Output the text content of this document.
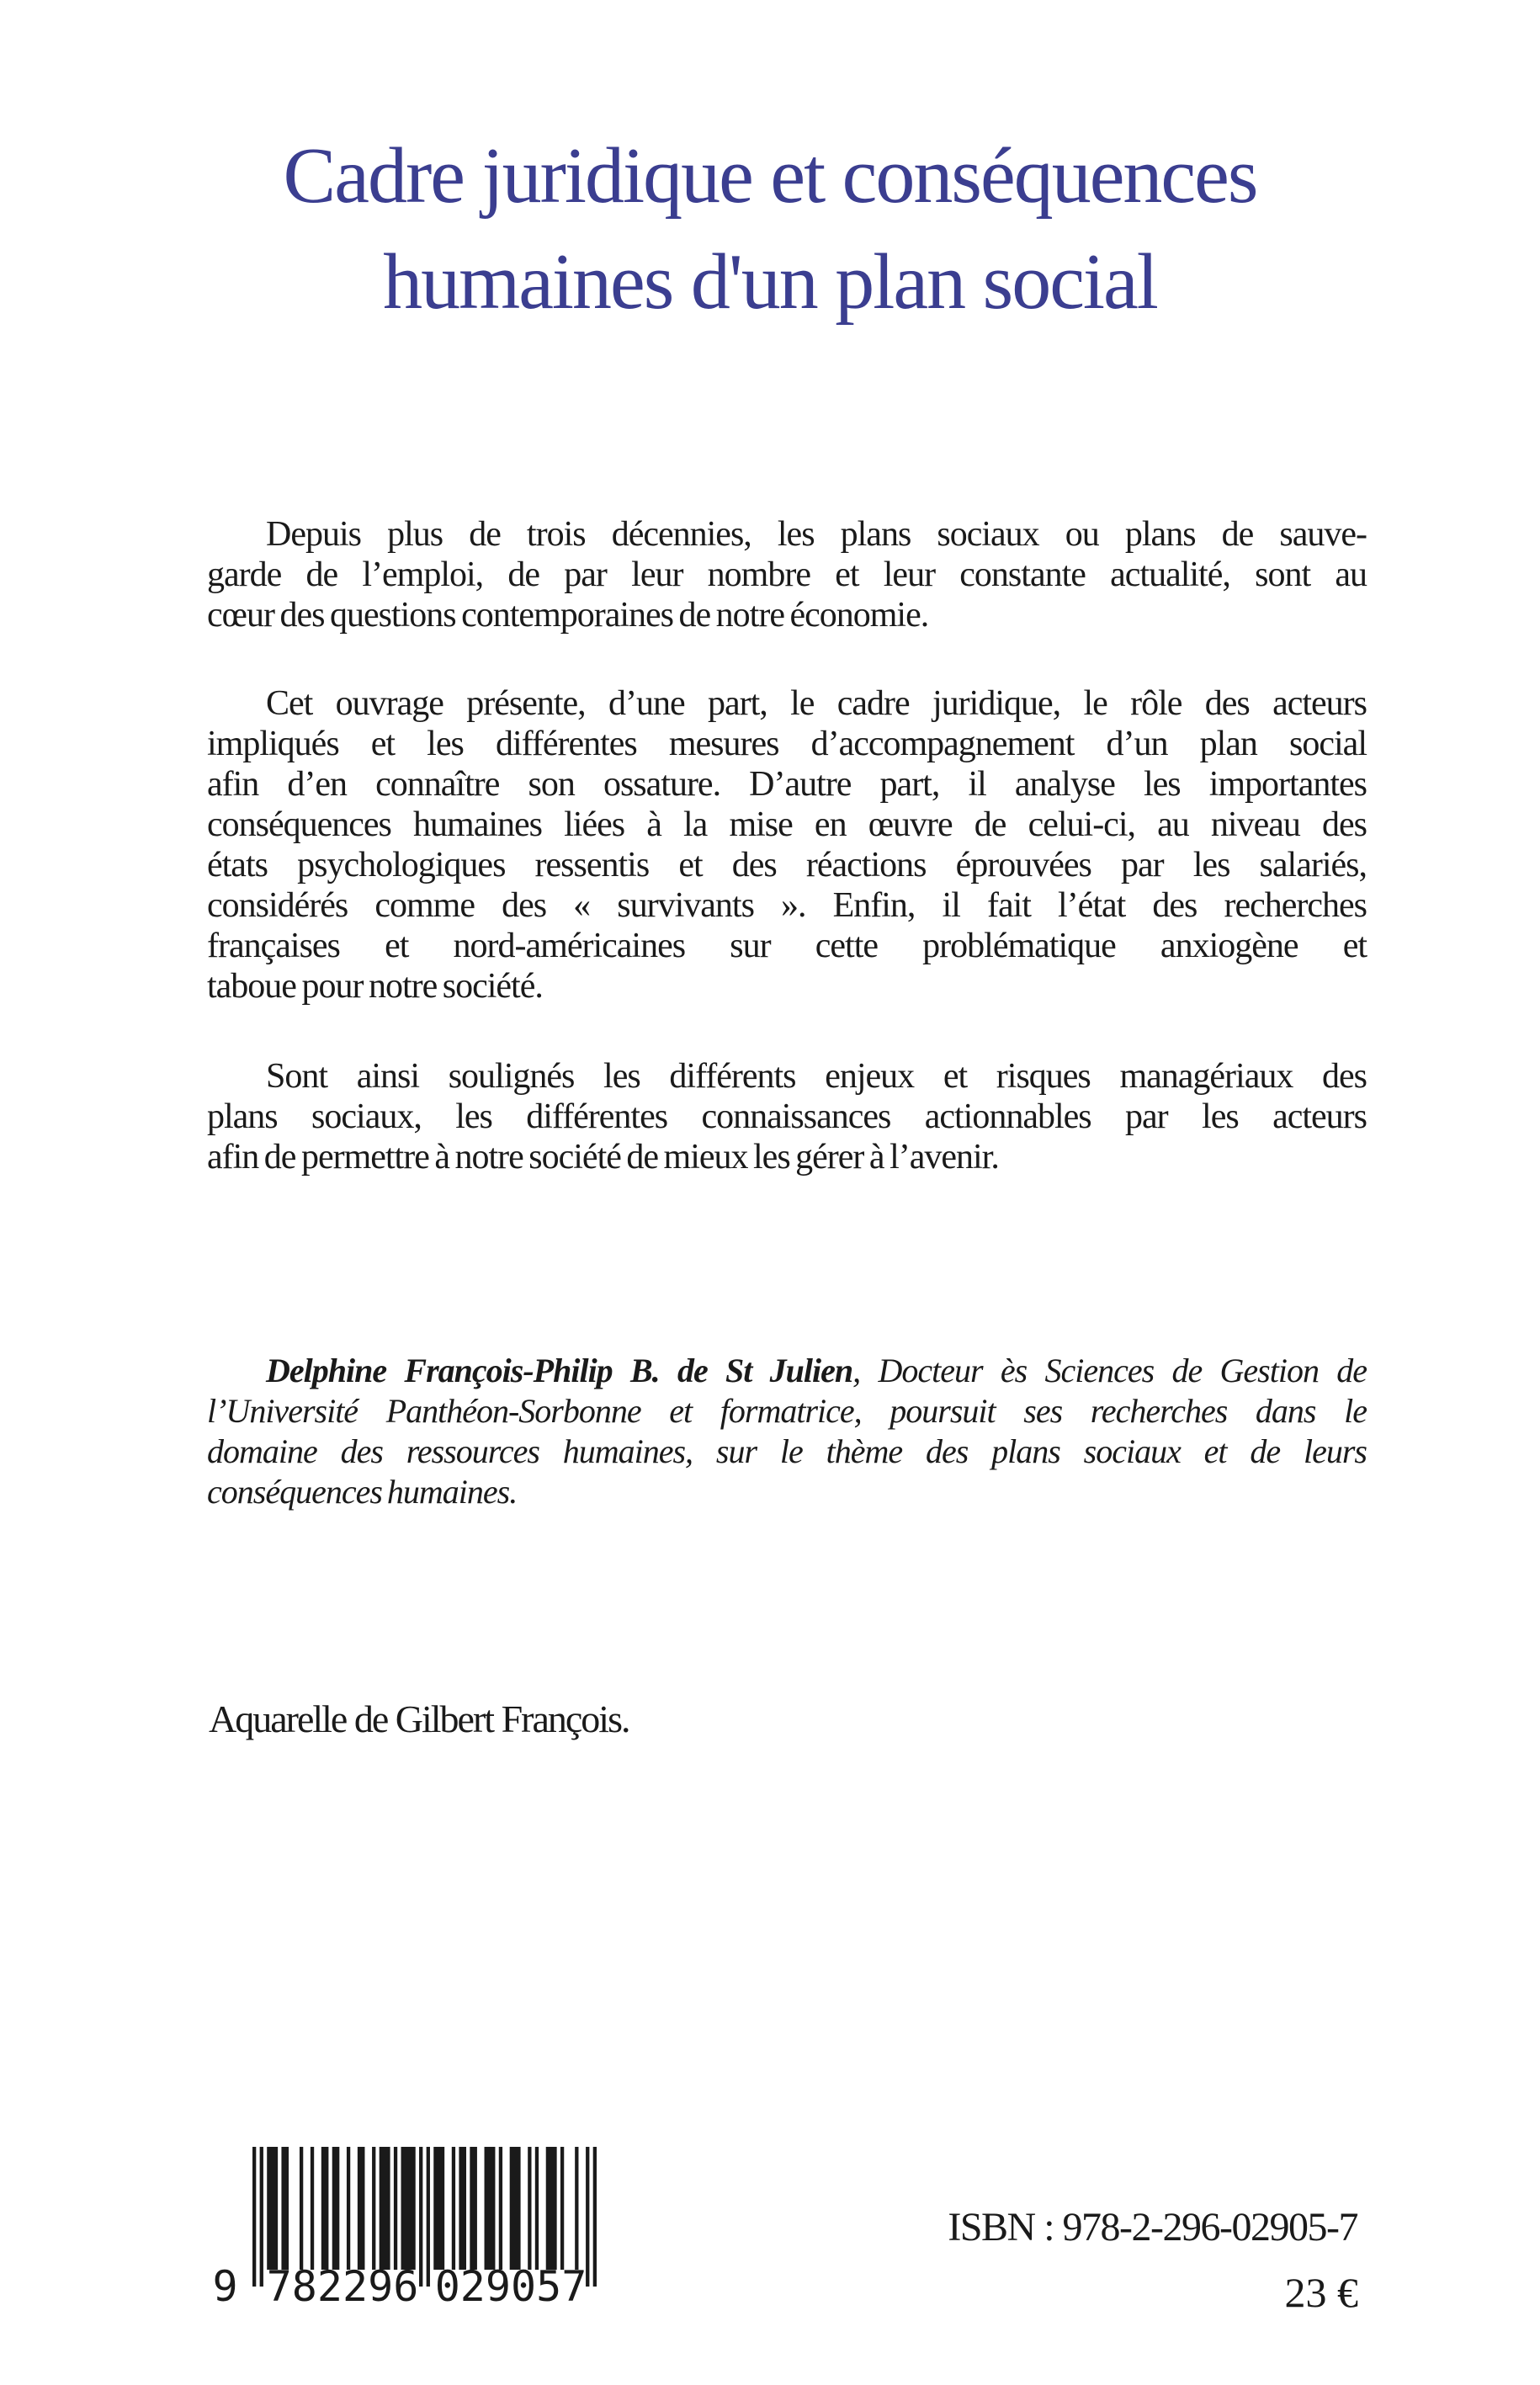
Cadre juridique et conséquences
humaines d'un plan social
Depuis plus de trois décennies, les plans sociaux ou plans de sauve-
garde de l’emploi, de par leur nombre et leur constante actualité, sont au
cœur des questions contemporaines de notre économie.
Cet ouvrage présente, d’une part, le cadre juridique, le rôle des acteurs
impliqués et les différentes mesures d’accompagnement d’un plan social
afin d’en connaître son ossature. D’autre part, il analyse les importantes
conséquences humaines liées à la mise en œuvre de celui-ci, au niveau des
états psychologiques ressentis et des réactions éprouvées par les salariés,
considérés comme des « survivants ». Enfin, il fait l’état des recherches
françaises et nord-américaines sur cette problématique anxiogène et
taboue pour notre société.
Sont ainsi soulignés les différents enjeux et risques managériaux des
plans sociaux, les différentes connaissances actionnables par les acteurs
afin de permettre à notre société de mieux les gérer à l’avenir.
Delphine François-Philip B. de St Julien, Docteur ès Sciences de Gestion de
l’Université Panthéon-Sorbonne et formatrice, poursuit ses recherches dans le
domaine des ressources humaines, sur le thème des plans sociaux et de leurs
conséquences humaines.
Aquarelle de Gilbert François.
9 782296 029057
ISBN : 978-2-296-02905-7
23 €
